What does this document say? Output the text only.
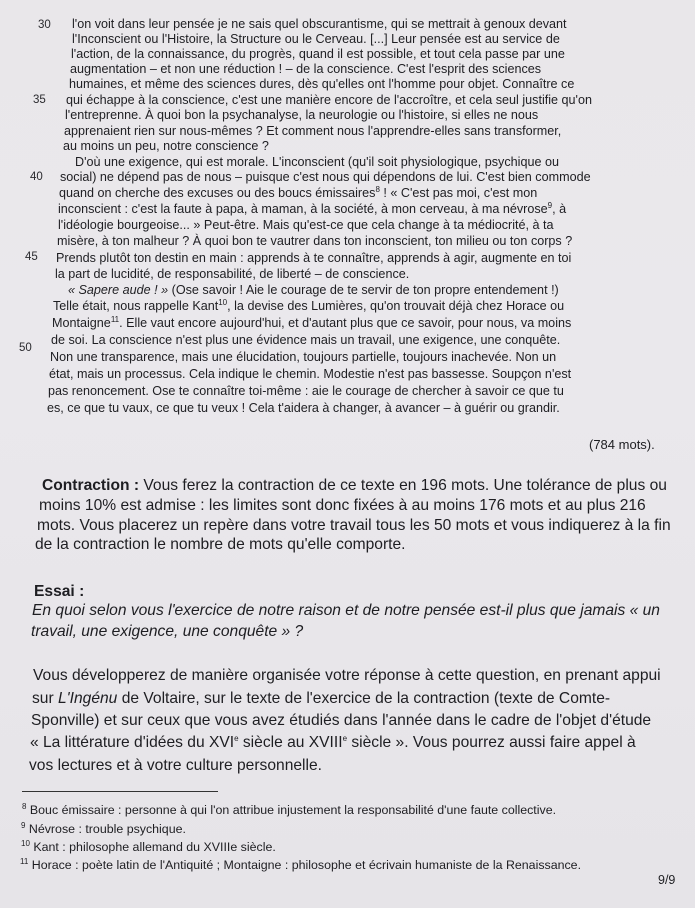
30
35
40
45
50
l'on voit dans leur pensée je ne sais quel obscurantisme, qui se mettrait à genoux devant
l'Inconscient ou l'Histoire, la Structure ou le Cerveau. [...] Leur pensée est au service de
l'action, de la connaissance, du progrès, quand il est possible, et tout cela passe par une
augmentation – et non une réduction ! – de la conscience. C'est l'esprit des sciences
humaines, et même des sciences dures, dès qu'elles ont l'homme pour objet. Connaître ce
qui échappe à la conscience, c'est une manière encore de l'accroître, et cela seul justifie qu'on
l'entreprenne. À quoi bon la psychanalyse, la neurologie ou l'histoire, si elles ne nous
apprenaient rien sur nous-mêmes ? Et comment nous l'apprendre-elles sans transformer,
au moins un peu, notre conscience ?
D'où une exigence, qui est morale. L'inconscient (qu'il soit physiologique, psychique ou
social) ne dépend pas de nous – puisque c'est nous qui dépendons de lui. C'est bien commode
quand on cherche des excuses ou des boucs émissaires$^8$ ! « C'est pas moi, c'est mon
inconscient : c'est la faute à papa, à maman, à la société, à mon cerveau, à ma névrose$^9$, à
l'idéologie bourgeoise... » Peut-être. Mais qu'est-ce que cela change à ta médiocrité, à ta
misère, à ton malheur ? À quoi bon te vautrer dans ton inconscient, ton milieu ou ton corps ?
Prends plutôt ton destin en main : apprends à te connaître, apprends à agir, augmente en toi
la part de lucidité, de responsabilité, de liberté – de conscience.
« Sapere aude ! » (Ose savoir ! Aie le courage de te servir de ton propre entendement !)
Telle était, nous rappelle Kant$^{10}$, la devise des Lumières, qu'on trouvait déjà chez Horace ou
Montaigne$^{11}$. Elle vaut encore aujourd'hui, et d'autant plus que ce savoir, pour nous, va moins
de soi. La conscience n'est plus une évidence mais un travail, une exigence, une conquête.
Non une transparence, mais une élucidation, toujours partielle, toujours inachevée. Non un
état, mais un processus. Cela indique le chemin. Modestie n'est pas bassesse. Soupçon n'est
pas renoncement. Ose te connaître toi-même : aie le courage de chercher à savoir ce que tu
es, ce que tu vaux, ce que tu veux ! Cela t'aidera à changer, à avancer – à guérir ou grandir.
(784 mots).
Contraction : Vous ferez la contraction de ce texte en 196 mots. Une tolérance de plus ou
moins 10% est admise : les limites sont donc fixées à au moins 176 mots et au plus 216
mots. Vous placerez un repère dans votre travail tous les 50 mots et vous indiquerez à la fin
de la contraction le nombre de mots qu'elle comporte.
Essai :
En quoi selon vous l'exercice de notre raison et de notre pensée est-il plus que jamais « un
travail, une exigence, une conquête » ?
Vous développerez de manière organisée votre réponse à cette question, en prenant appui
sur L'Ingénu de Voltaire, sur le texte de l'exercice de la contraction (texte de Comte-
Sponville) et sur ceux que vous avez étudiés dans l'année dans le cadre de l'objet d'étude
« La littérature d'idées du XVIe siècle au XVIIIe siècle ». Vous pourrez aussi faire appel à
vos lectures et à votre culture personnelle.
$^8$ Bouc émissaire : personne à qui l'on attribue injustement la responsabilité d'une faute collective.
$^9$ Névrose : trouble psychique.
$^{10}$ Kant : philosophe allemand du XVIIIe siècle.
$^{11}$ Horace : poète latin de l'Antiquité ; Montaigne : philosophe et écrivain humaniste de la Renaissance.
9/9
